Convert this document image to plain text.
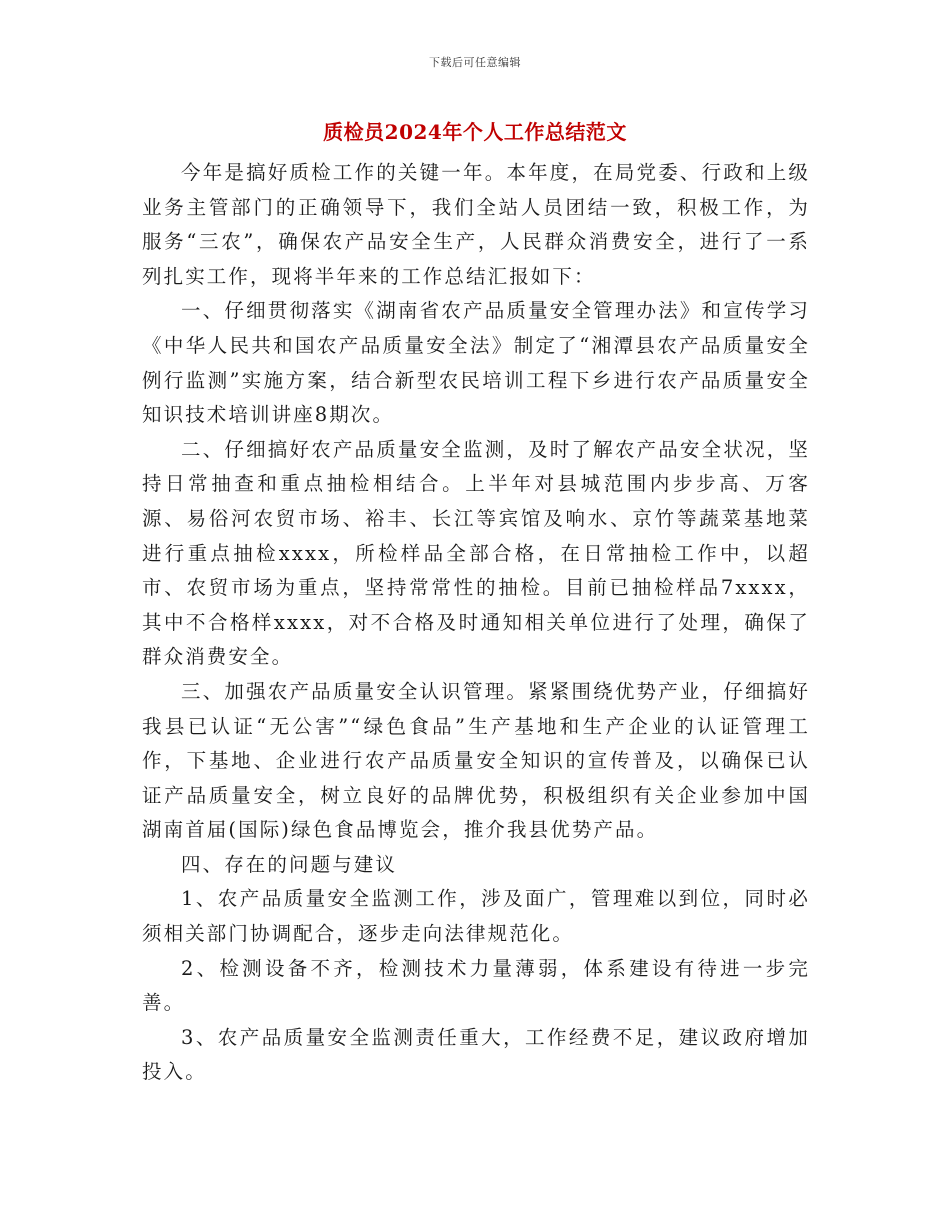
下载后可任意编辑
质检员2024年个人工作总结范文

今年是搞好质检工作的关键一年。本年度，在局党委、行政和上级业务主管部门的正确领导下，我们全站人员团结一致，积极工作，为服务“三农”，确保农产品安全生产，人民群众消费安全，进行了一系列扎实工作，现将半年来的工作总结汇报如下：

一、仔细贯彻落实《湖南省农产品质量安全管理办法》和宣传学习《中华人民共和国农产品质量安全法》制定了“湘潭县农产品质量安全例行监测”实施方案，结合新型农民培训工程下乡进行农产品质量安全知识技术培训讲座8期次。

二、仔细搞好农产品质量安全监测，及时了解农产品安全状况，坚持日常抽查和重点抽检相结合。上半年对县城范围内步步高、万客源、易俗河农贸市场、裕丰、长江等宾馆及响水、京竹等蔬菜基地菜进行重点抽检xxxx，所检样品全部合格，在日常抽检工作中，以超市、农贸市场为重点，坚持常常性的抽检。目前已抽检样品7xxxx，其中不合格样xxxx，对不合格及时通知相关单位进行了处理，确保了群众消费安全。

三、加强农产品质量安全认识管理。紧紧围绕优势产业，仔细搞好我县已认证“无公害”“绿色食品”生产基地和生产企业的认证管理工作，下基地、企业进行农产品质量安全知识的宣传普及，以确保已认证产品质量安全，树立良好的品牌优势，积极组织有关企业参加中国湖南首届(国际)绿色食品博览会，推介我县优势产品。

四、存在的问题与建议

1、农产品质量安全监测工作，涉及面广，管理难以到位，同时必须相关部门协调配合，逐步走向法律规范化。

2、检测设备不齐，检测技术力量薄弱，体系建设有待进一步完善。

3、农产品质量安全监测责任重大，工作经费不足，建议政府增加投入。
